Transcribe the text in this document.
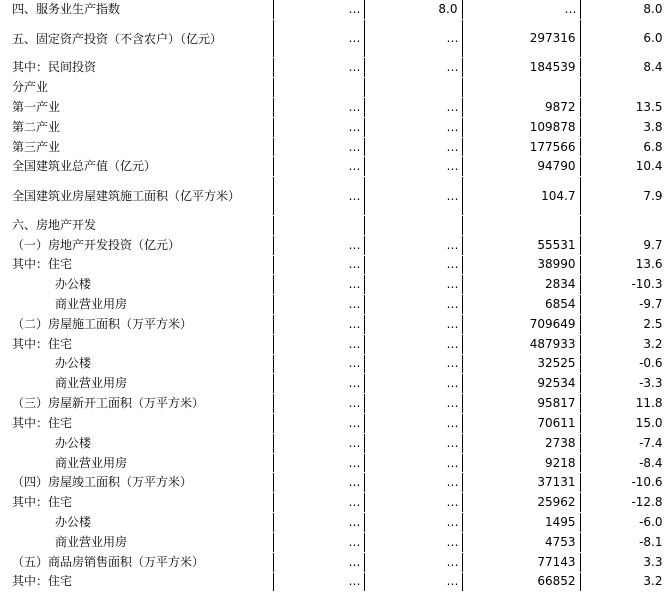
四、服务业生产指数	…	8.0	…	8.0
五、固定资产投资（不含农户）（亿元）	…	…	297316	6.0
其中：民间投资	…	…	184539	8.4
分产业				
第一产业	…	…	9872	13.5
第二产业	…	…	109878	3.8
第三产业	…	…	177566	6.8
全国建筑业总产值（亿元）	…	…	94790	10.4
全国建筑业房屋建筑施工面积（亿平方米）	…	…	104.7	7.9
六、房地产开发				
（一）房地产开发投资（亿元）	…	…	55531	9.7
其中：住宅	…	…	38990	13.6
办公楼	…	…	2834	-10.3
商业营业用房	…	…	6854	-9.7
（二）房屋施工面积（万平方米）	…	…	709649	2.5
其中：住宅	…	…	487933	3.2
办公楼	…	…	32525	-0.6
商业营业用房	…	…	92534	-3.3
（三）房屋新开工面积（万平方米）	…	…	95817	11.8
其中：住宅	…	…	70611	15.0
办公楼	…	…	2738	-7.4
商业营业用房	…	…	9218	-8.4
（四）房屋竣工面积（万平方米）	…	…	37131	-10.6
其中：住宅	…	…	25962	-12.8
办公楼	…	…	1495	-6.0
商业营业用房	…	…	4753	-8.1
（五）商品房销售面积（万平方米）	…	…	77143	3.3
其中：住宅	…	…	66852	3.2
